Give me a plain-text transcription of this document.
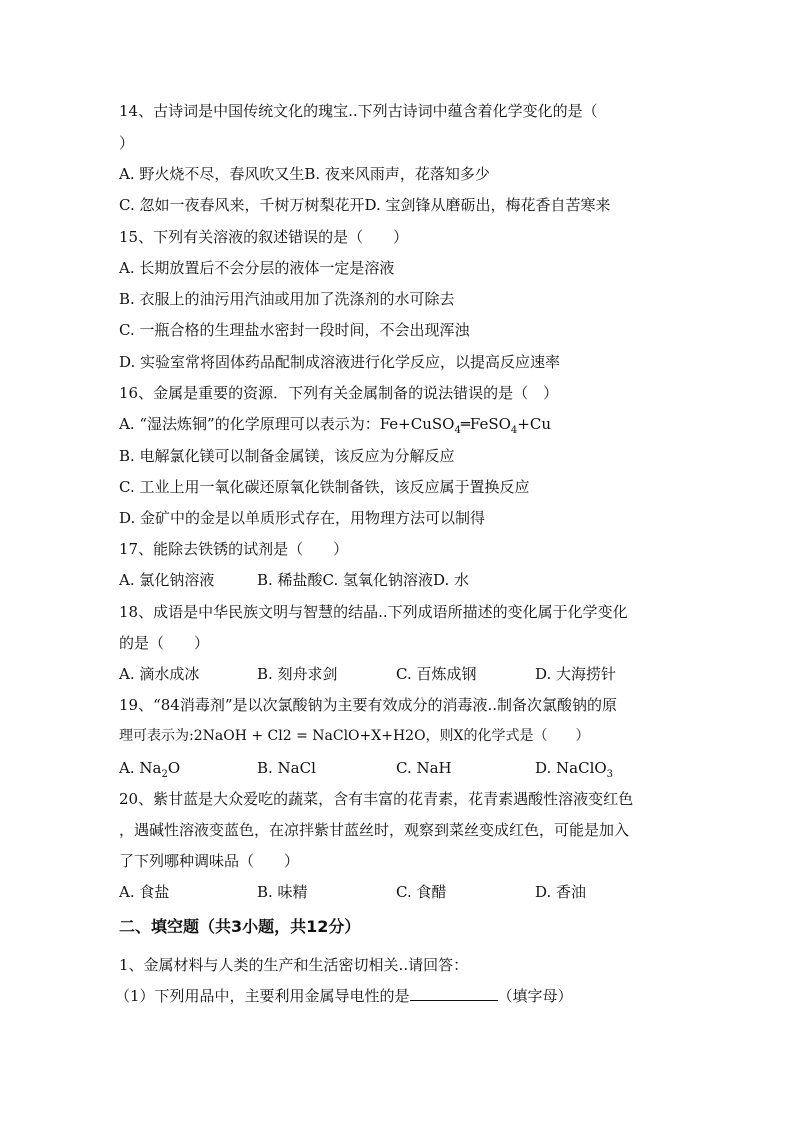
14、古诗词是中国传统文化的瑰宝..下列古诗词中蕴含着化学变化的是（
）
A. 野火烧不尽，春风吹又生B. 夜来风雨声，花落知多少
C. 忽如一夜春风来，千树万树梨花开D. 宝剑锋从磨砺出，梅花香自苦寒来
15、下列有关溶液的叙述错误的是（　　）
A. 长期放置后不会分层的液体一定是溶液
B. 衣服上的油污用汽油或用加了洗涤剂的水可除去
C. 一瓶合格的生理盐水密封一段时间，不会出现浑浊
D. 实验室常将固体药品配制成溶液进行化学反应，以提高反应速率
16、金属是重要的资源．下列有关金属制备的说法错误的是（　）
A. “湿法炼铜”的化学原理可以表示为：Fe+CuSO$_4$═FeSO$_4$+Cu
B. 电解氯化镁可以制备金属镁，该反应为分解反应
C. 工业上用一氧化碳还原氧化铁制备铁，该反应属于置换反应
D. 金矿中的金是以单质形式存在，用物理方法可以制得
17、能除去铁锈的试剂是（　　）
A. 氯化钠溶液	B. 稀盐酸C. 氢氧化钠溶液D. 水
18、成语是中华民族文明与智慧的结晶..下列成语所描述的变化属于化学变化
的是（　　）
A. 滴水成冰	B. 刻舟求剑	C. 百炼成钢	D. 大海捞针
19、“84消毒剂”是以次氯酸钠为主要有效成分的消毒液..制备次氯酸钠的原
理可表示为:2NaOH + Cl2 = NaClO+X+H2O，则X的化学式是（　　）
A. $Na_2O$	B. NaCl	C. NaH	D. NaClO$_3$
20、紫甘蓝是大众爱吃的蔬菜，含有丰富的花青素，花青素遇酸性溶液变红色
，遇碱性溶液变蓝色，在凉拌紫甘蓝丝时，观察到菜丝变成红色，可能是加入
了下列哪种调味品（　　）
A. 食盐	B. 味精	C. 食醋	D. 香油
二、填空题（共3小题，共12分）
1、金属材料与人类的生产和生活密切相关..请回答：
（1）下列用品中，主要利用金属导电性的是	（填字母）
